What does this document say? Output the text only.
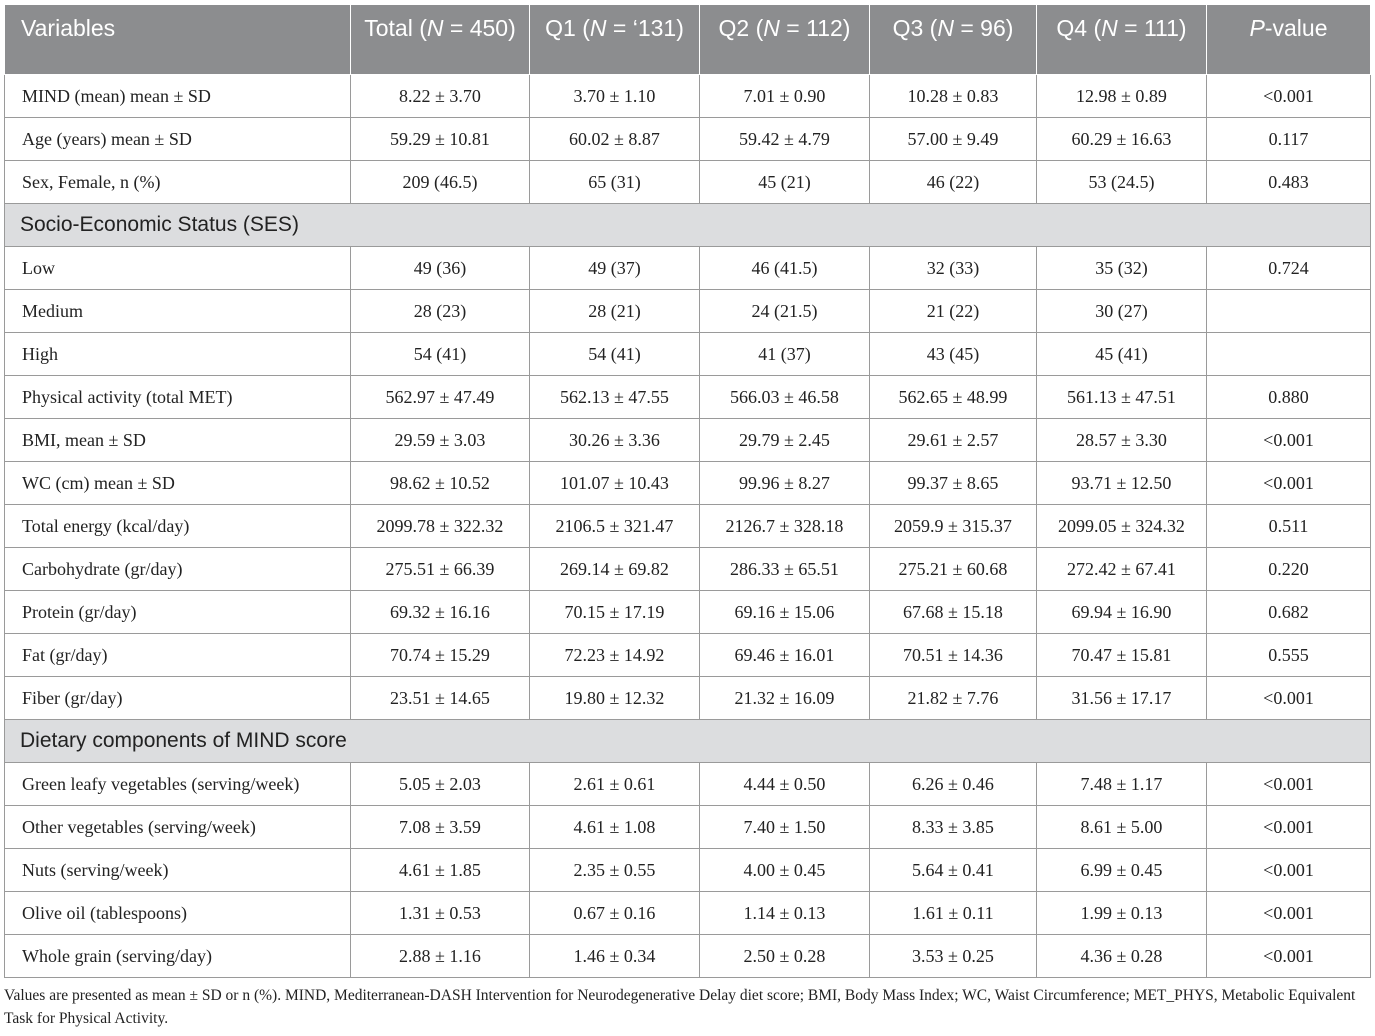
Variables	Total (N = 450)	Q1 (N = ‘131)	Q2 (N = 112)	Q3 (N = 96)	Q4 (N = 111)	P-value
MIND (mean) mean ± SD	8.22 ± 3.70	3.70 ± 1.10	7.01 ± 0.90	10.28 ± 0.83	12.98 ± 0.89	<0.001
Age (years) mean ± SD	59.29 ± 10.81	60.02 ± 8.87	59.42 ± 4.79	57.00 ± 9.49	60.29 ± 16.63	0.117
Sex, Female, n (%)	209 (46.5)	65 (31)	45 (21)	46 (22)	53 (24.5)	0.483
Socio-Economic Status (SES)						
Low	49 (36)	49 (37)	46 (41.5)	32 (33)	35 (32)	0.724
Medium	28 (23)	28 (21)	24 (21.5)	21 (22)	30 (27)	
High	54 (41)	54 (41)	41 (37)	43 (45)	45 (41)	
Physical activity (total MET)	562.97 ± 47.49	562.13 ± 47.55	566.03 ± 46.58	562.65 ± 48.99	561.13 ± 47.51	0.880
BMI, mean ± SD	29.59 ± 3.03	30.26 ± 3.36	29.79 ± 2.45	29.61 ± 2.57	28.57 ± 3.30	<0.001
WC (cm) mean ± SD	98.62 ± 10.52	101.07 ± 10.43	99.96 ± 8.27	99.37 ± 8.65	93.71 ± 12.50	<0.001
Total energy (kcal/day)	2099.78 ± 322.32	2106.5 ± 321.47	2126.7 ± 328.18	2059.9 ± 315.37	2099.05 ± 324.32	0.511
Carbohydrate (gr/day)	275.51 ± 66.39	269.14 ± 69.82	286.33 ± 65.51	275.21 ± 60.68	272.42 ± 67.41	0.220
Protein (gr/day)	69.32 ± 16.16	70.15 ± 17.19	69.16 ± 15.06	67.68 ± 15.18	69.94 ± 16.90	0.682
Fat (gr/day)	70.74 ± 15.29	72.23 ± 14.92	69.46 ± 16.01	70.51 ± 14.36	70.47 ± 15.81	0.555
Fiber (gr/day)	23.51 ± 14.65	19.80 ± 12.32	21.32 ± 16.09	21.82 ± 7.76	31.56 ± 17.17	<0.001
Dietary components of MIND score						
Green leafy vegetables (serving/week)	5.05 ± 2.03	2.61 ± 0.61	4.44 ± 0.50	6.26 ± 0.46	7.48 ± 1.17	<0.001
Other vegetables (serving/week)	7.08 ± 3.59	4.61 ± 1.08	7.40 ± 1.50	8.33 ± 3.85	8.61 ± 5.00	<0.001
Nuts (serving/week)	4.61 ± 1.85	2.35 ± 0.55	4.00 ± 0.45	5.64 ± 0.41	6.99 ± 0.45	<0.001
Olive oil (tablespoons)	1.31 ± 0.53	0.67 ± 0.16	1.14 ± 0.13	1.61 ± 0.11	1.99 ± 0.13	<0.001
Whole grain (serving/day)	2.88 ± 1.16	1.46 ± 0.34	2.50 ± 0.28	3.53 ± 0.25	4.36 ± 0.28	<0.001
Values are presented as mean ± SD or n (%). MIND, Mediterranean-DASH Intervention for Neurodegenerative Delay diet score; BMI, Body Mass Index; WC, Waist Circumference; MET_PHYS, Metabolic Equivalent Task for Physical Activity.
